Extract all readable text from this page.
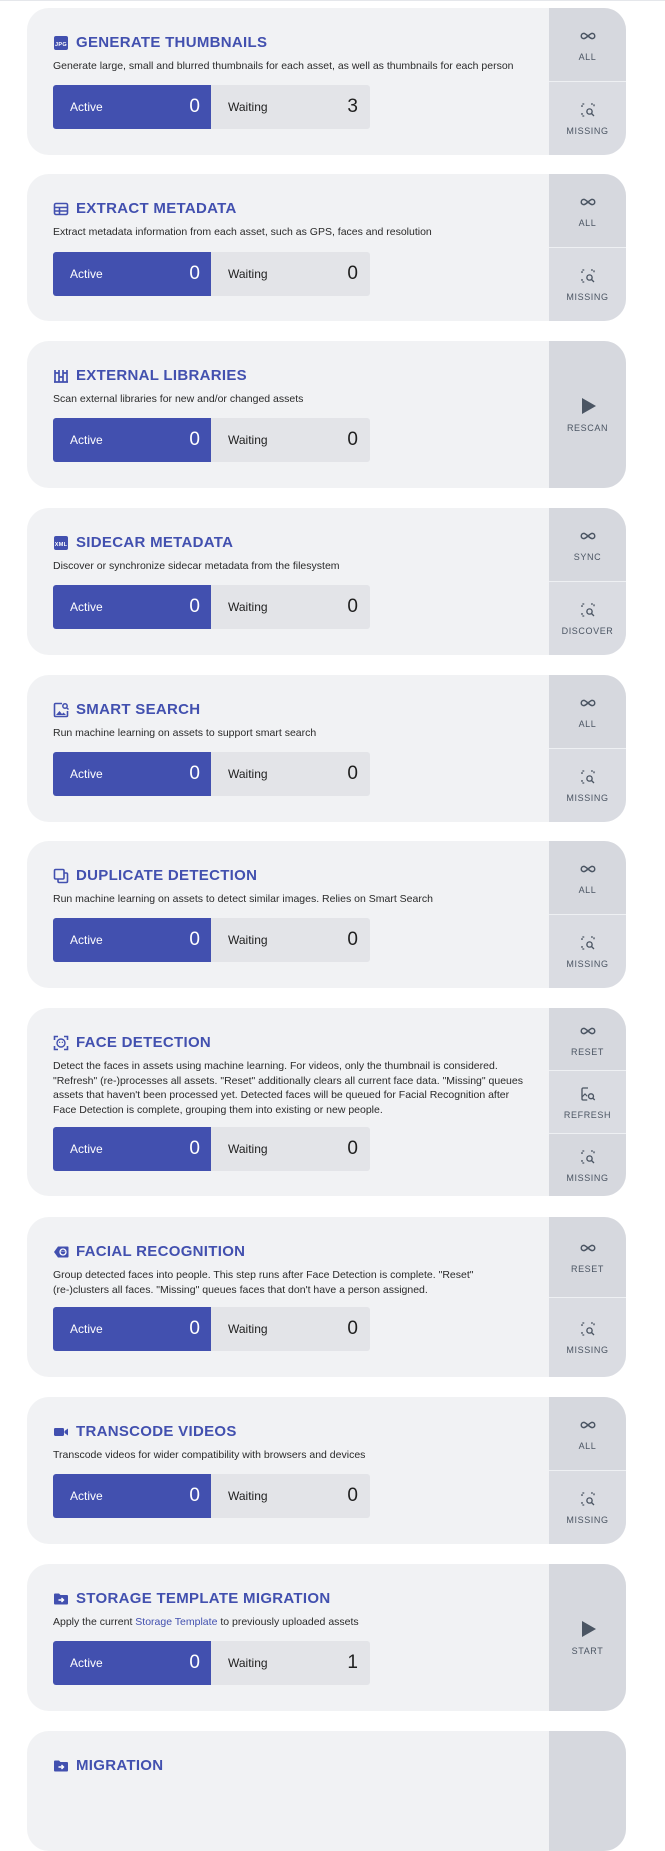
JPG GENERATE THUMBNAILS
Generate large, small and blurred thumbnails for each asset, as well as thumbnails for each person
Active	0 Waiting	3
ALL
MISSING
EXTRACT METADATA
Extract metadata information from each asset, such as GPS, faces and resolution
Active	0 Waiting	0
ALL
MISSING
EXTERNAL LIBRARIES
Scan external libraries for new and/or changed assets
Active	0 Waiting	0
RESCAN
XML SIDECAR METADATA
Discover or synchronize sidecar metadata from the filesystem
Active	0 Waiting	0
SYNC
DISCOVER
SMART SEARCH
Run machine learning on assets to support smart search
Active	0 Waiting	0
ALL
MISSING
DUPLICATE DETECTION
Run machine learning on assets to detect similar images. Relies on Smart Search
Active	0 Waiting	0
ALL
MISSING
FACE DETECTION
Detect the faces in assets using machine learning. For videos, only the thumbnail is considered. "Refresh" (re-)processes all assets. "Reset" additionally clears all current face data. "Missing" queues assets that haven't been processed yet. Detected faces will be queued for Facial Recognition after Face Detection is complete, grouping them into existing or new people.
Active	0 Waiting	0
RESET
REFRESH
MISSING
FACIAL RECOGNITION
Group detected faces into people. This step runs after Face Detection is complete. "Reset" (re-)clusters all faces. "Missing" queues faces that don't have a person assigned.
Active	0 Waiting	0
RESET
MISSING
TRANSCODE VIDEOS
Transcode videos for wider compatibility with browsers and devices
Active	0 Waiting	0
ALL
MISSING
STORAGE TEMPLATE MIGRATION
Apply the current Storage Template to previously uploaded assets
Active	0 Waiting	1
START
MIGRATION
